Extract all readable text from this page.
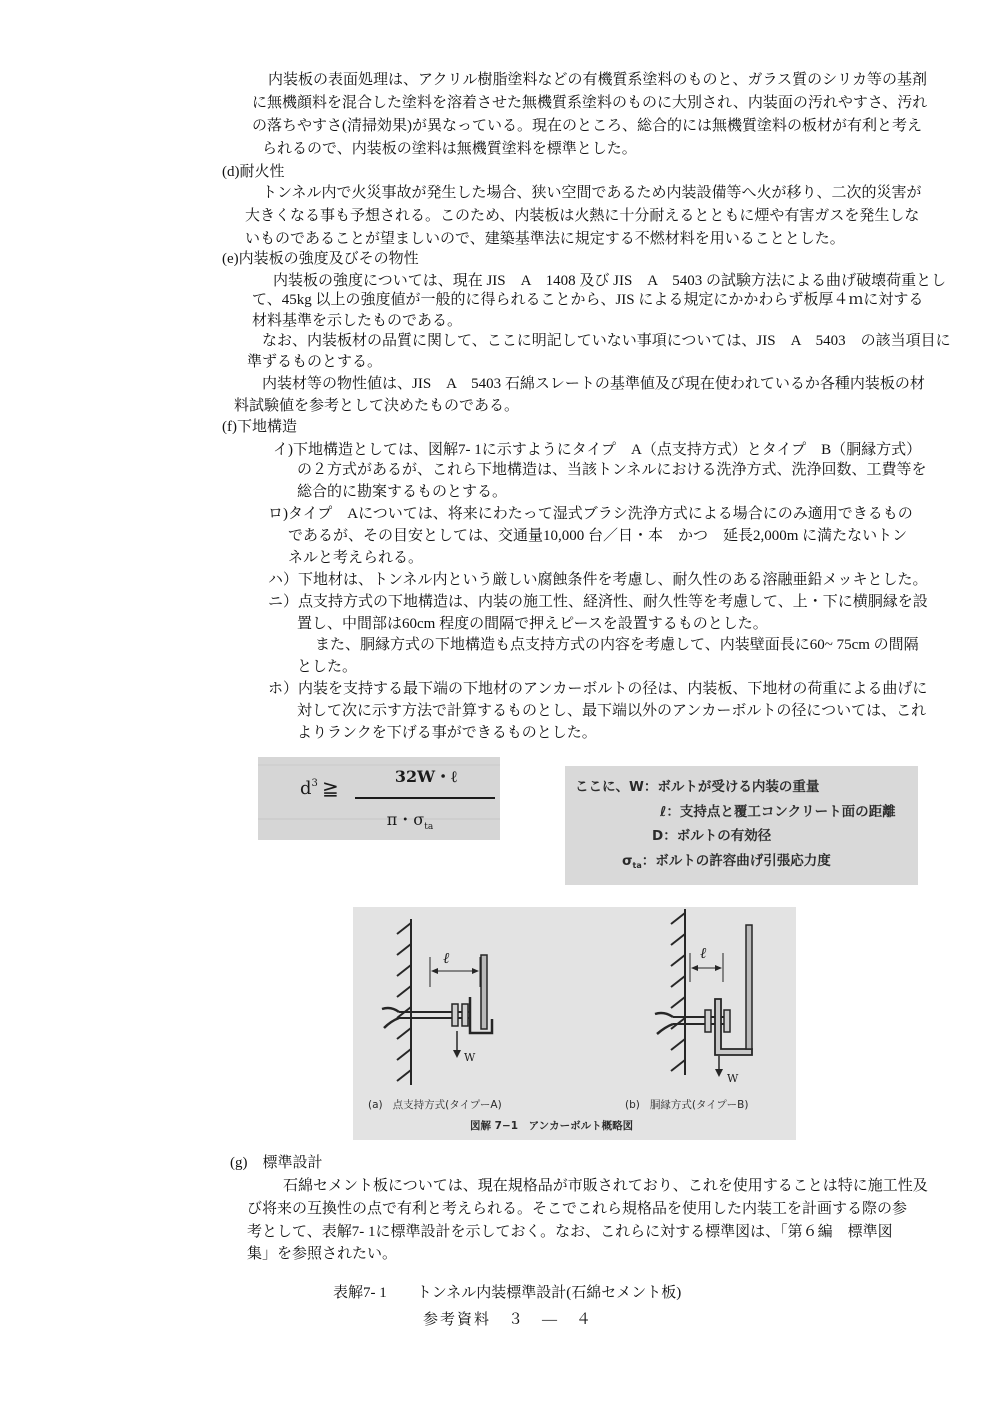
内装板の表面処理は、アクリル樹脂塗料などの有機質系塗料のものと、ガラス質のシリカ等の基剤
に無機顔料を混合した塗料を溶着させた無機質系塗料のものに大別され、内装面の汚れやすさ、汚れ
の落ちやすさ(清掃効果)が異なっている。現在のところ、総合的には無機質塗料の板材が有利と考え
られるので、内装板の塗料は無機質塗料を標準とした。
(d)耐火性
トンネル内で火災事故が発生した場合、狭い空間であるため内装設備等へ火が移り、二次的災害が
大きくなる事も予想される。このため、内装板は火熱に十分耐えるとともに煙や有害ガスを発生しな
いものであることが望ましいので、建築基準法に規定する不燃材料を用いることとした。
(e)内装板の強度及びその物性
内装板の強度については、現在 JIS　A　1408 及び JIS　A　5403 の試験方法による曲げ破壊荷重とし
て、45kg 以上の強度値が一般的に得られることから、JIS による規定にかかわらず板厚４ｍに対する
材料基準を示したものである。
なお、内装板材の品質に関して、ここに明記していない事項については、JIS　A　5403　の該当項目に
準ずるものとする。
内装材等の物性値は、JIS　A　5403 石綿スレートの基準値及び現在使われているか各種内装板の材
料試験値を参考として決めたものである。
(f)下地構造
イ)下地構造としては、図解7- 1に示すようにタイプ　A（点支持方式）とタイプ　B（胴縁方式）
の２方式があるが、これら下地構造は、当該トンネルにおける洗浄方式、洗浄回数、工費等を
総合的に勘案するものとする。
ロ)タイプ　Aについては、将来にわたって湿式ブラシ洗浄方式による場合にのみ適用できるもの
であるが、その目安としては、交通量10,000 台／日・本　かつ　延長2,000m に満たないトン
ネルと考えられる。
ハ）下地材は、トンネル内という厳しい腐蝕条件を考慮し、耐久性のある溶融亜鉛メッキとした。
ニ）点支持方式の下地構造は、内装の施工性、経済性、耐久性等を考慮して、上・下に横胴縁を設
置し、中間部は60cm 程度の間隔で押えピースを設置するものとした。
また、胴縁方式の下地構造も点支持方式の内容を考慮して、内装壁面長に60~ 75cm の間隔
とした。
ホ）内装を支持する最下端の下地材のアンカーボルトの径は、内装板、下地材の荷重による曲げに
対して次に示す方法で計算するものとし、最下端以外のアンカーボルトの径については、これ
よりランクを下げる事ができるものとした。
$d^3$ ≧	32W・ℓ
π・$\sigma_{ta}$
ここに、W：ボルトが受ける内装の重量
ℓ：支持点と覆工コンクリート面の距離
D：ボルトの有効径
$\sigma_{ta}$：ボルトの許容曲げ引張応力度
ℓ
W
ℓ
W
(a) 点支持方式(タイプーA)	(b) 胴縁方式(タイプーB)
図解 7−1　アンカーボルト概略図
(g)　標準設計
石綿セメント板については、現在規格品が市販されており、これを使用することは特に施工性及
び将来の互換性の点で有利と考えられる。そこでこれら規格品を使用した内装工を計画する際の参
考として、表解7- 1に標準設計を示しておく。なお、これらに対する標準図は、「第６編　標準図
集」を参照されたい。
表解7- 1　　トンネル内装標準設計(石綿セメント板)
参考資料　３　―　４
